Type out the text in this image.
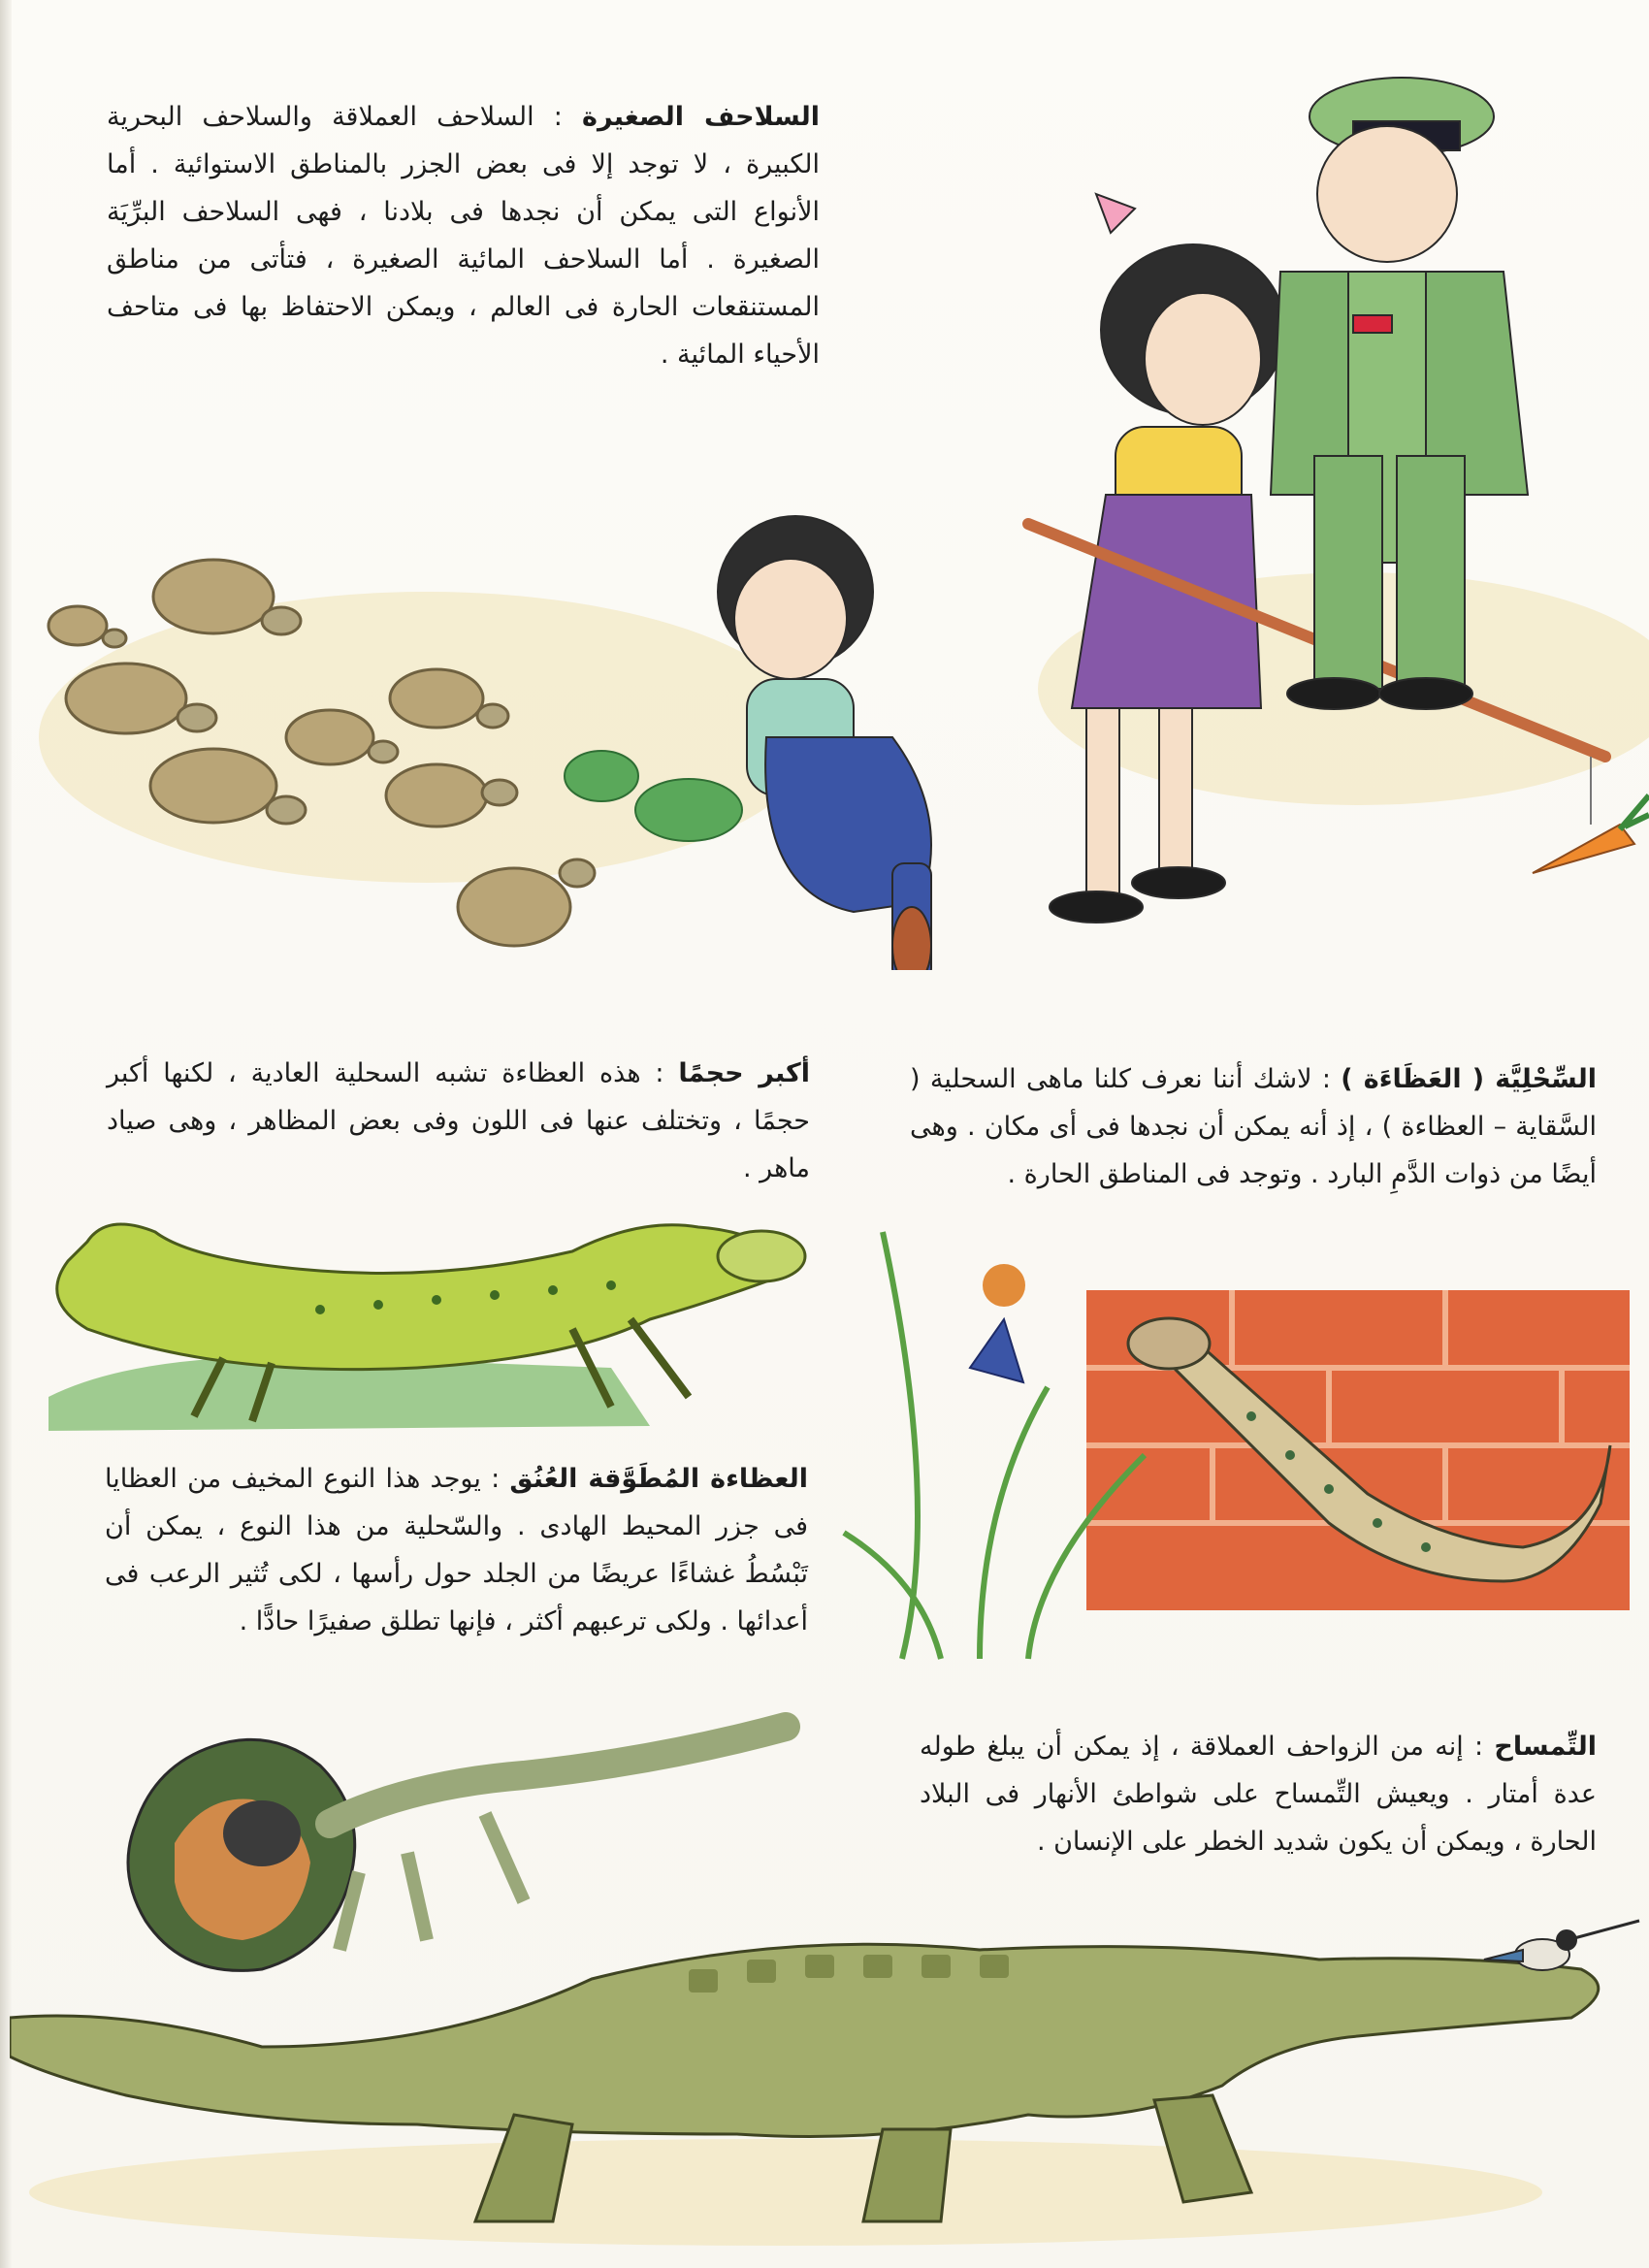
السلاحف الصغيرة : السلاحف العملاقة والسلاحف البحرية الكبيرة ، لا توجد إلا فى بعض الجزر بالمناطق الاستوائية . أما الأنواع التى يمكن أن نجدها فى بلادنا ، فهى السلاحف البرِّيَة الصغيرة . أما السلاحف المائية الصغيرة ، فتأتى من مناطق المستنقعات الحارة فى العالم ، ويمكن الاحتفاظ بها فى متاحف الأحياء المائية .
أكبر حجمًا : هذه العظاءة تشبه السحلية العادية ، لكنها أكبر حجمًا ، وتختلف عنها فى اللون وفى بعض المظاهر ، وهى صياد ماهر .
السِّحْلِيَّة ( العَظَاءَة ) : لاشك أننا نعرف كلنا ماهى السحلية ( السَّقاية – العظاءة ) ، إذ أنه يمكن أن نجدها فى أى مكان . وهى أيضًا من ذوات الدَّمِ البارد . وتوجد فى المناطق الحارة .
العظاءة المُطَوَّقة العُنُق : يوجد هذا النوع المخيف من العظايا فى جزر المحيط الهادى . والسّحلية من هذا النوع ، يمكن أن تَبْسُطُ غشاءًا عريضًا من الجلد حول رأسها ، لكى تُثير الرعب فى أعدائها . ولكى ترعبهم أكثر ، فإنها تطلق صفيرًا حادًّا .
التِّمساح : إنه من الزواحف العملاقة ، إذ يمكن أن يبلغ طوله عدة أمتار . ويعيش التِّمساح على شواطئ الأنهار فى البلاد الحارة ، ويمكن أن يكون شديد الخطر على الإنسان .
